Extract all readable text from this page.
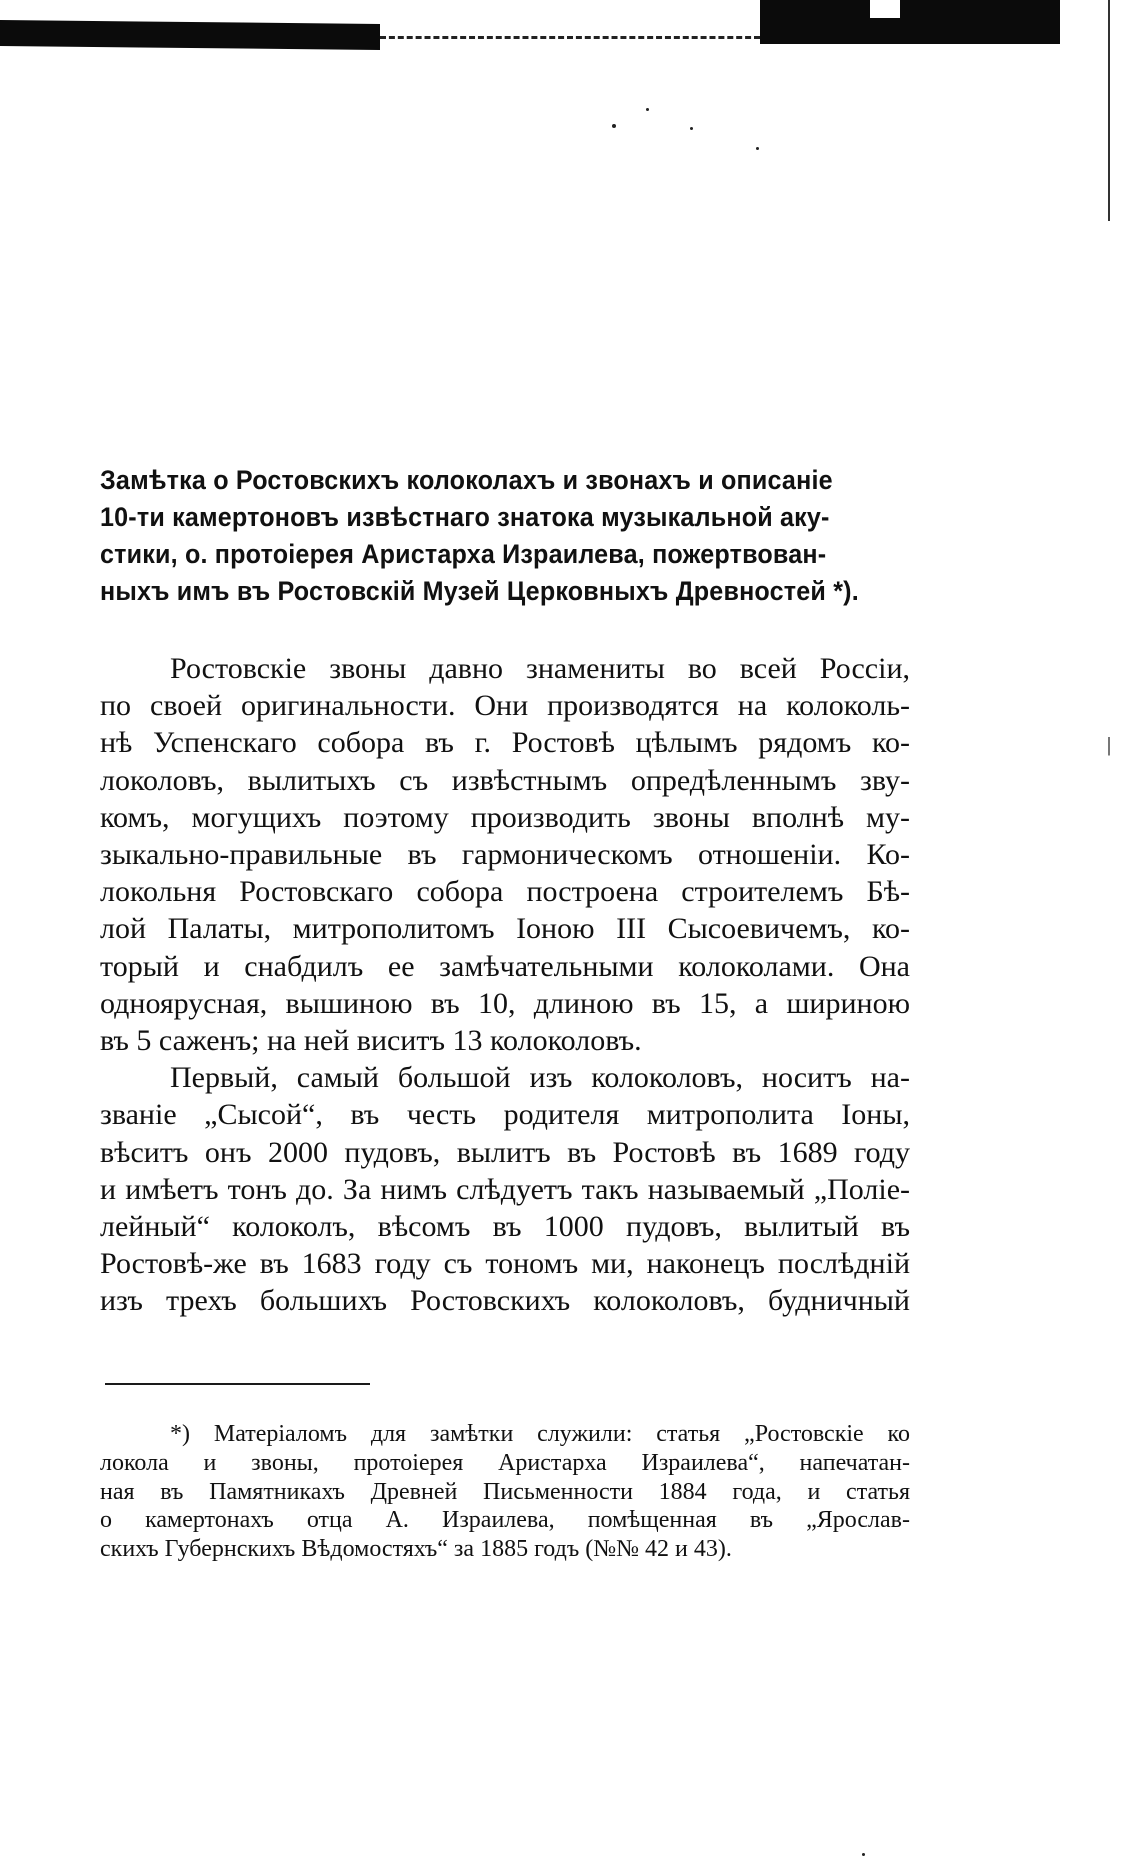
Замѣтка о Ростовскихъ колоколахъ и звонахъ и описаніе
10-ти камертоновъ извѣстнаго знатока музыкальной аку-
стики, о. протоіерея Аристарха Израилева, пожертвован-
ныхъ имъ въ Ростовскій Музей Церковныхъ Древностей *).
Ростовскіе звоны давно знамениты во всей Россіи,
по своей оригинальности. Они производятся на колоколь-
нѣ Успенскаго собора въ г. Ростовѣ цѣлымъ рядомъ ко-
локоловъ, вылитыхъ съ извѣстнымъ опредѣленнымъ зву-
комъ, могущихъ поэтому производить звоны вполнѣ му-
зыкально-правильные въ гармоническомъ отношеніи. Ко-
локольня Ростовскаго собора построена строителемъ Бѣ-
лой Палаты, митрополитомъ Іоною III Сысоевичемъ, ко-
торый и снабдилъ ее замѣчательными колоколами. Она
одноярусная, вышиною въ 10, длиною въ 15, а шириною
въ 5 саженъ; на ней виситъ 13 колоколовъ.
Первый, самый большой изъ колоколовъ, носитъ на-
званіе „Сысой“, въ честь родителя митрополита Іоны,
вѣситъ онъ 2000 пудовъ, вылитъ въ Ростовѣ въ 1689 году
и имѣетъ тонъ до. За нимъ слѣдуетъ такъ называемый „Поліе-
лейный“ колоколъ, вѣсомъ въ 1000 пудовъ, вылитый въ
Ростовѣ-же въ 1683 году съ тономъ ми, наконецъ послѣдній
изъ трехъ большихъ Ростовскихъ колоколовъ, будничный
*) Матеріаломъ для замѣтки служили: статья „Ростовскіе ко
локола и звоны, протоіерея Аристарха Израилева“, напечатан-
ная въ Памятникахъ Древней Письменности 1884 года, и статья
о камертонахъ отца А. Израилева, помѣщенная въ „Ярослав-
скихъ Губернскихъ Вѣдомостяхъ“ за 1885 годъ (№№ 42 и 43).
